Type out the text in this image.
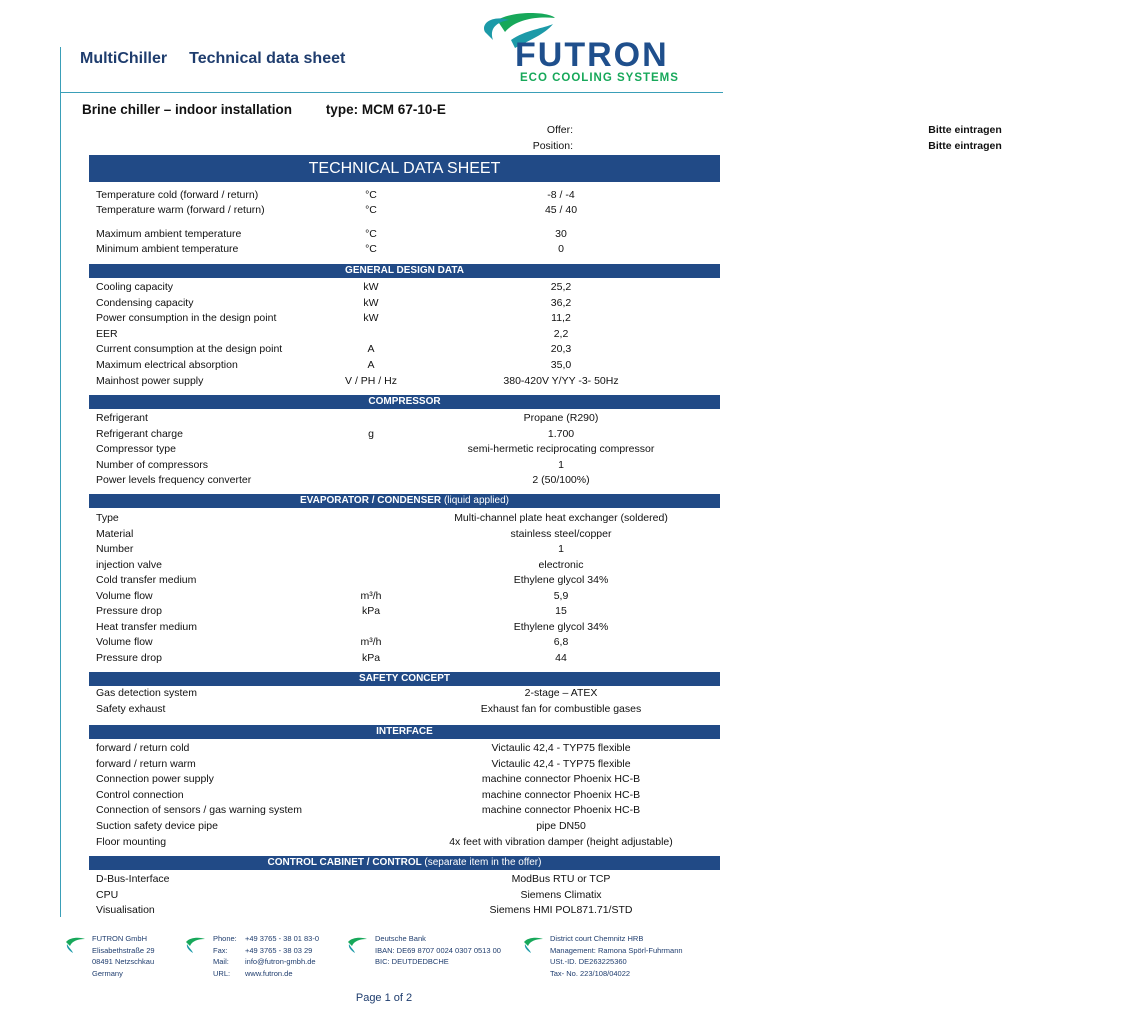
MultiChiller Technical data sheet	FUTRON
ECO COOLING SYSTEMS
Brine chiller – indoor installation	type: MCM 67-10-E
Offer:	Bitte eintragen
Position:	Bitte eintragen
TECHNICAL DATA SHEET
Temperature cold (forward / return)	°C	-8 / -4
Temperature warm (forward / return)	°C	45 / 40
Maximum ambient temperature	°C	30
Minimum ambient temperature	°C	0
GENERAL DESIGN DATA
Cooling capacity	kW	25,2
Condensing capacity	kW	36,2
Power consumption in the design point	kW	11,2
EER	2,2
Current consumption at the design point	A	20,3
Maximum electrical absorption	A	35,0
Mainhost power supply	V / PH / Hz	380-420V Y/YY -3- 50Hz
COMPRESSOR
Refrigerant	Propane (R290)
Refrigerant charge	g	1.700
Compressor type	semi-hermetic reciprocating compressor
Number of compressors	1
Power levels frequency converter	2 (50/100%)
EVAPORATOR / CONDENSER (liquid applied)
Type	Multi-channel plate heat exchanger (soldered)
Material	stainless steel/copper
Number	1
injection valve	electronic
Cold transfer medium	Ethylene glycol 34%
Volume flow	m³/h	5,9
Pressure drop	kPa	15
Heat transfer medium	Ethylene glycol 34%
Volume flow	m³/h	6,8
Pressure drop	kPa	44
SAFETY CONCEPT
Gas detection system	2-stage – ATEX
Safety exhaust	Exhaust fan for combustible gases
INTERFACE
forward / return cold	Victaulic 42,4 - TYP75 flexible
forward / return warm	Victaulic 42,4 - TYP75 flexible
Connection power supply	machine connector Phoenix HC-B
Control connection	machine connector Phoenix HC-B
Connection of sensors / gas warning system	machine connector Phoenix HC-B
Suction safety device pipe	pipe DN50
Floor mounting	4x feet with vibration damper (height adjustable)
CONTROL CABINET / CONTROL (separate item in the offer)
D-Bus-Interface	ModBus RTU or TCP
CPU	Siemens Climatix
Visualisation	Siemens HMI POL871.71/STD
FUTRON GmbH
Elisabethstraße 29
08491 Netzschkau
Germany
Phone: +49 3765 - 38 01 83-0
Fax: +49 3765 - 38 03 29
Mail: info@futron-gmbh.de
URL: www.futron.de
Deutsche Bank
IBAN: DE69 8707 0024 0307 0513 00
BIC: DEUTDEDBCHE
District court Chemnitz HRB
Management: Ramona Spörl-Fuhrmann
USt.-ID. DE263225360
Tax- No. 223/108/04022
Page 1 of 2
